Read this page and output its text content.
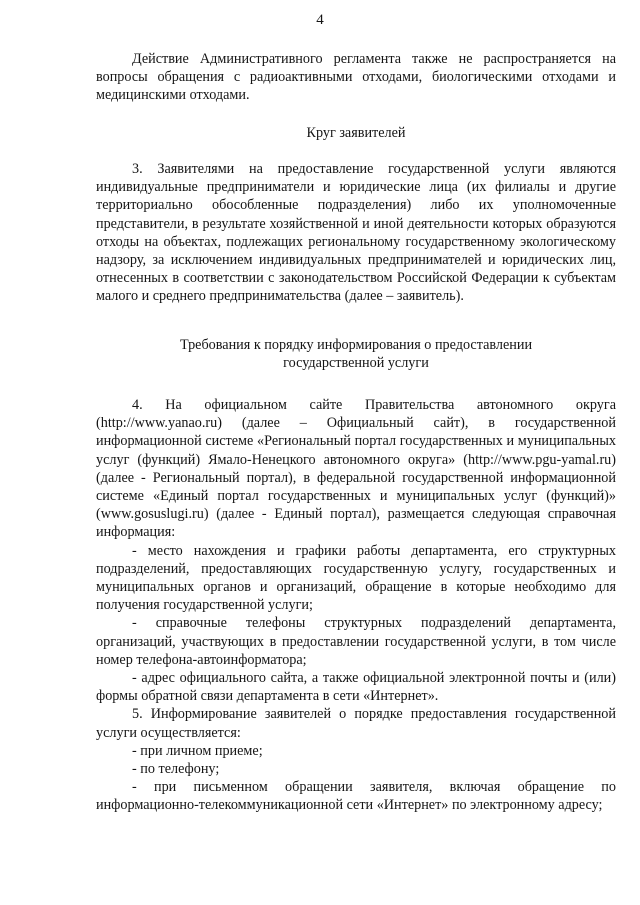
4

Действие Административного регламента также не распространяется на вопросы обращения с радиоактивными отходами, биологическими отходами и медицинскими отходами.

Круг заявителей

3. Заявителями на предоставление государственной услуги являются индивидуальные предприниматели и юридические лица (их филиалы и другие территориально обособленные подразделения) либо их уполномоченные представители, в результате хозяйственной и иной деятельности которых образуются отходы на объектах, подлежащих региональному государственному экологическому надзору, за исключением индивидуальных предпринимателей и юридических лиц, отнесенных в соответствии с законодательством Российской Федерации к субъектам малого и среднего предпринимательства (далее – заявитель).

Требования к порядку информирования о предоставлении
государственной услуги

4. На официальном сайте Правительства автономного округа (http://www.yanao.ru) (далее – Официальный сайт), в государственной информационной системе «Региональный портал государственных и муниципальных услуг (функций) Ямало-Ненецкого автономного округа» (http://www.pgu-yamal.ru) (далее - Региональный портал), в федеральной государственной информационной системе «Единый портал государственных и муниципальных услуг (функций)» (www.gosuslugi.ru) (далее - Единый портал), размещается следующая справочная информация:

- место нахождения и графики работы департамента, его структурных подразделений, предоставляющих государственную услугу, государственных и муниципальных органов и организаций, обращение в которые необходимо для получения государственной услуги;

- справочные телефоны структурных подразделений департамента, организаций, участвующих в предоставлении государственной услуги, в том числе номер телефона-автоинформатора;

- адрес официального сайта, а также официальной электронной почты и (или) формы обратной связи департамента в сети «Интернет».

5. Информирование заявителей о порядке предоставления государственной услуги осуществляется:

- при личном приеме;

- по телефону;

- при письменном обращении заявителя, включая обращение по информационно-телекоммуникационной сети «Интернет» по электронному адресу;
